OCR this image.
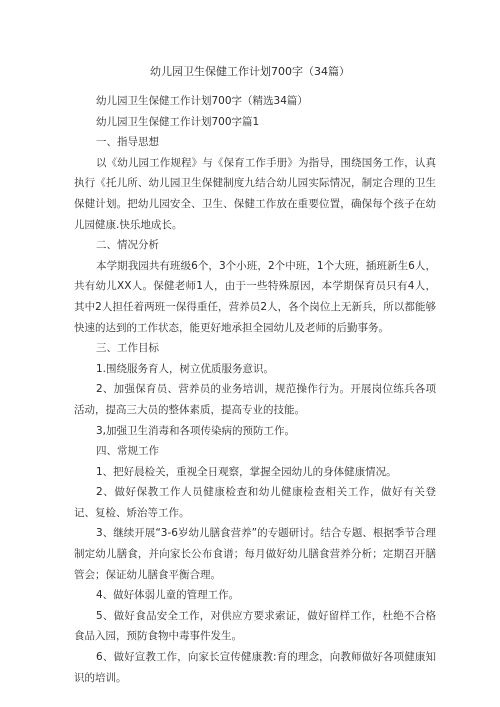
幼儿园卫生保健工作计划700字（34篇）

幼儿园卫生保健工作计划700字（精选34篇）

幼儿园卫生保健工作计划700字篇1

一、指导思想

以《幼儿园工作规程》与《保育工作手册》为指导，围绕国务工作，认真执行《托儿所、幼儿园卫生保健制度九结合幼儿园实际情况，制定合理的卫生保健计划。把幼儿园安全、卫生、保健工作放在重要位置，确保每个孩子在幼儿园健康.快乐地成长。

二、情况分析

本学期我园共有班级6个，3个小班，2个中班，1个大班，插班新生6人，共有幼儿XX人。保健老师1人，由于一些特殊原因，本学期保育员只有4人，其中2人担任着两班一保得重任，营养员2人，各个岗位上无新兵，所以都能够快速的达到的工作状态，能更好地承担全园幼儿及老师的后勤事务。

三、工作目标

1.围绕服务育人，树立优质服务意识。

2、加强保育员、营养员的业务培训，规范操作行为。开展岗位练兵各项活动，提高三大员的整体素质，提高专业的技能。

3,加强卫生消毒和各项传染病的预防工作。

四、常规工作

1、把好晨检关，重视全日观察，掌握全园幼儿的身体健康情况。

2、做好保教工作人员健康检查和幼儿健康检查相关工作，做好有关登记、复检、矫治等工作。

3、继续开展“3-6岁幼儿膳食营养”的专题研讨。结合专题、根据季节合理制定幼儿膳食，并向家长公布食谱；每月做好幼儿膳食营养分析；定期召开膳管会；保证幼儿膳食平衡合理。

4、做好体弱儿童的管理工作。

5、做好食品安全工作，对供应方要求索证，做好留样工作，杜绝不合格食品入园，预防食物中毒事件发生。

6、做好宣教工作，向家长宣传健康教:育的理念，向教师做好各项健康知识的培训。
